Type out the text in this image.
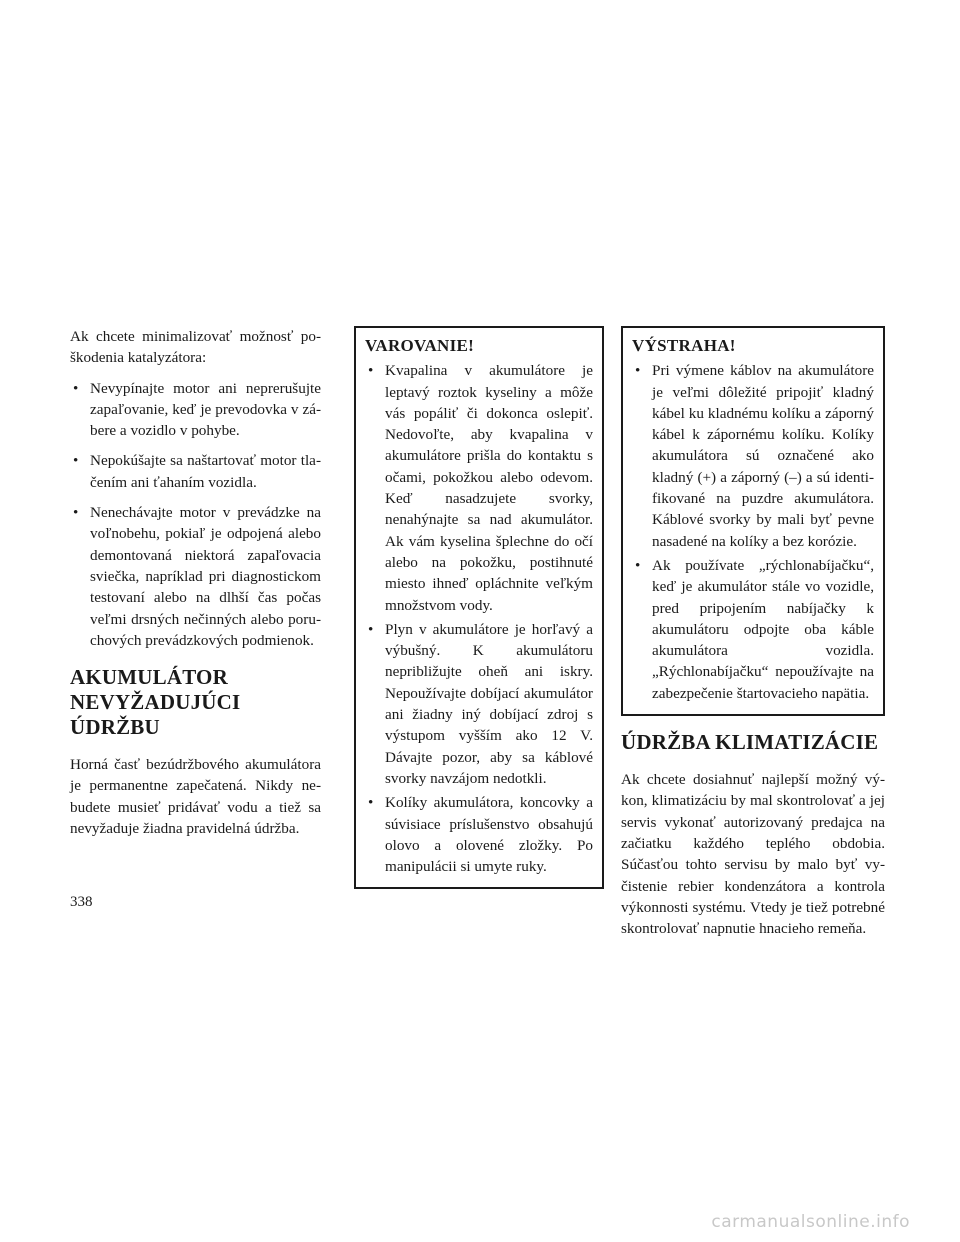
Ak chcete minimalizovať možnosť poškodenia katalyzátora:

• Nevypínajte motor ani neprerušujte zapaľovanie, keď je prevodovka v zábere a vozidlo v pohybe.
• Nepokúšajte sa naštartovať motor tlačením ani ťahaním vozidla.
• Nenechávajte motor v prevádzke na voľnobehu, pokiaľ je odpojená alebo demontovaná niektorá zapaľovacia sviečka, napríklad pri diagnostickom testovaní alebo na dlhší čas počas veľmi drsných nečinných alebo poruchových prevádzkových podmienok.
AKUMULÁTOR
NEVYŽADUJÚCI ÚDRŽBU

Horná časť bezúdržbového akumulátora je permanentne zapečatená. Nikdy nebudete musieť pridávať vodu a tiež sa nevyžaduje žiadna pravidelná údržba.

VAROVANIE!
• Kvapalina v akumulátore je leptavý roztok kyseliny a môže vás popáliť či dokonca oslepiť. Nedovoľte, aby kvapalina v akumulátore prišla do kontaktu s očami, pokožkou alebo odevom. Keď nasadzujete svorky, nenahýnajte sa nad akumulátor. Ak vám kyselina šplechne do očí alebo na pokožku, postihnuté miesto ihneď opláchnite veľkým množstvom vody.
• Plyn v akumulátore je horľavý a výbušný. K akumulátoru nepribližujte oheň ani iskry. Nepoužívajte dobíjací akumulátor ani žiadny iný dobíjací zdroj s výstupom vyšším ako 12 V. Dávajte pozor, aby sa káblové svorky navzájom nedotkli.
• Kolíky akumulátora, koncovky a súvisiace príslušenstvo obsahujú olovo a olovené zložky. Po manipulácii si umyte ruky.
VÝSTRAHA!
• Pri výmene káblov na akumulátore je veľmi dôležité pripojiť kladný kábel ku kladnému kolíku a záporný kábel k zápornému kolíku. Kolíky akumulátora sú označené ako kladný (+) a záporný (–) a sú identifikované na puzdre akumulátora. Káblové svorky by mali byť pevne nasadené na kolíky a bez korózie.
• Ak používate „rýchlonabíjačku“, keď je akumulátor stále vo vozidle, pred pripojením nabíjačky k akumulátoru odpojte oba káble akumulátora vozidla. „Rýchlonabíjačku“ nepoužívajte na zabezpečenie štartovacieho napätia.
ÚDRŽBA KLIMATIZÁCIE

Ak chcete dosiahnuť najlepší možný výkon, klimatizáciu by mal skontrolovať a jej servis vykonať autorizovaný predajca na začiatku každého teplého obdobia. Súčasťou tohto servisu by malo byť vyčistenie rebier kondenzátora a kontrola výkonnosti systému. Vtedy je tiež potrebné skontrolovať napnutie hnacieho remeňa.

338
carmanualsonline.info
